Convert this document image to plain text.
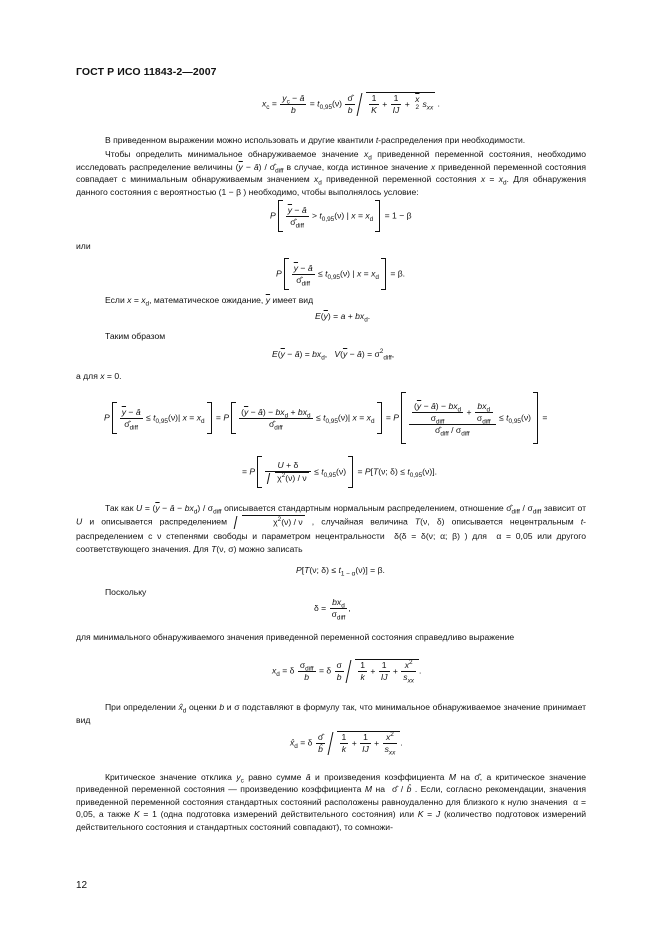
ГОСТ Р ИСО 11843-2—2007
$x_c = \frac{y_c - â}{b} = t_{0,95}(\nu) \frac{\sigmâ}{b}$
$\frac{1}{K} + \frac{1}{IJ} + \overline{x}$
$^2$ $s_{xx}$ .
В приведенном выражении можно использовать и другие квантили t-распределения при необходимости.
Чтобы определить минимальное обнаруживаемое значение $x_d$ приведенной переменной состояния, необходимо исследовать распределение величины ($\overline{y}$ − â) / $\sigmâ_{diff}$ в случае, когда истинное значение x приведенной переменной состояния совпадает с минимальным обнаруживаемым значением $x_d$ приведенной переменной состояния $x = x_d$. Для обнаружения данного состояния с вероятностью (1 − β ) необходимо, чтобы выполнялось условие:
P $\frac{\overline{y} - â}{\sigmâ_{diff}} > t_{0,95}(\nu)$ | $x = x_d = 1 - \beta$
или
P $\frac{\overline{y} - â}{\sigmâ_{diff}} \le t_{0,95}(\nu)$ | $x = x_d = \beta$.
Если $x = x_d$, математическое ожидание, $\overline{y}$ имеет вид
$E(\overline{y}) = a + bx_d$.
Таким образом
$E(\overline{y}$ − â) = $bx_d$,   $V(\overline{y}$ − â) = $\sigma^2_{diff}$,
а для x = 0.
P $\frac{\overline{y} - â}{\sigmâ_{diff}} \le t_{0,95}(\nu)|$ $x = x_d = P \frac{(\overline{y} - â) - bx_d + bx_d}{\sigmâ_{diff}} \le t_{0,95}(\nu)|$ $x = x_d = P \frac{\frac{(\overline{y} - â) - bx_d}{\sigma_{diff}} + \frac{bx_d}{\sigma_{diff}}}{\sigmâ_{diff} / \sigma_{diff}} \le t_{0,95}(\nu)$ =
= P $\frac{U + \delta}{\chi^2(\nu) / \nu} \le t_{0,95}(\nu) = P[T(\nu$; $\delta) \le t_{0,95}(\nu)$].
Так как $U = (\overline{y}$ − â − $bx_d) / \sigma_{diff}$ описывается стандартным нормальным распределением, отношение $\sigmâ_{diff} / \sigma_{diff}$ зависит от U и описывается распределением	$\chi^2(\nu)$ / ν , случайная величина T(ν, δ) описывается нецентральным t-распределением с ν степенями свободы и параметром нецентральности  δ(δ = δ(ν; α; β) ) для  α = 0,05 или другого соответствующего значения. Для T(ν, σ) можно записать
P[T(ν; $\delta) \le t_{1 - \alpha}(\nu)] = \beta$.
Поскольку
$\delta = \frac{bx_d}{\sigma_{diff}}$ ,
для минимального обнаруживаемого значения приведенной переменной состояния справедливо выражение
$x_d = \delta \frac{\sigma_{diff}}{b} = \delta \frac{\sigma}{b}$
$\frac{1}{k} + \frac{1}{IJ} + \frac{\overline{x}^2}{s_{xx}}$ .
При определении $x̂_d$ оценки b и σ подставляют в формулу так, что минимальное обнаруживаемое значение принимает вид
$x̂_d = \delta \frac{\sigmâ}{b̂}$
$\frac{1}{k} + \frac{1}{IJ} + \frac{\overline{x}^2}{s_{xx}}$ .
Критическое значение отклика $y_c$ равно сумме â и произведения коэффициента M на σ̂, а критическое значение приведенной переменной состояния — произведению коэффициента M на  σ̂ / b̂ . Если, согласно рекомендации, значения приведенной переменной состояния стандартных состояний расположены равноудаленно для близкого к нулю значения  α = 0,05, а также K = 1 (одна подготовка измерений действительного состояния) или K = J (количество подготовок измерений действительного состояния и стандартных состояний совпадают), то сомножи-
12
